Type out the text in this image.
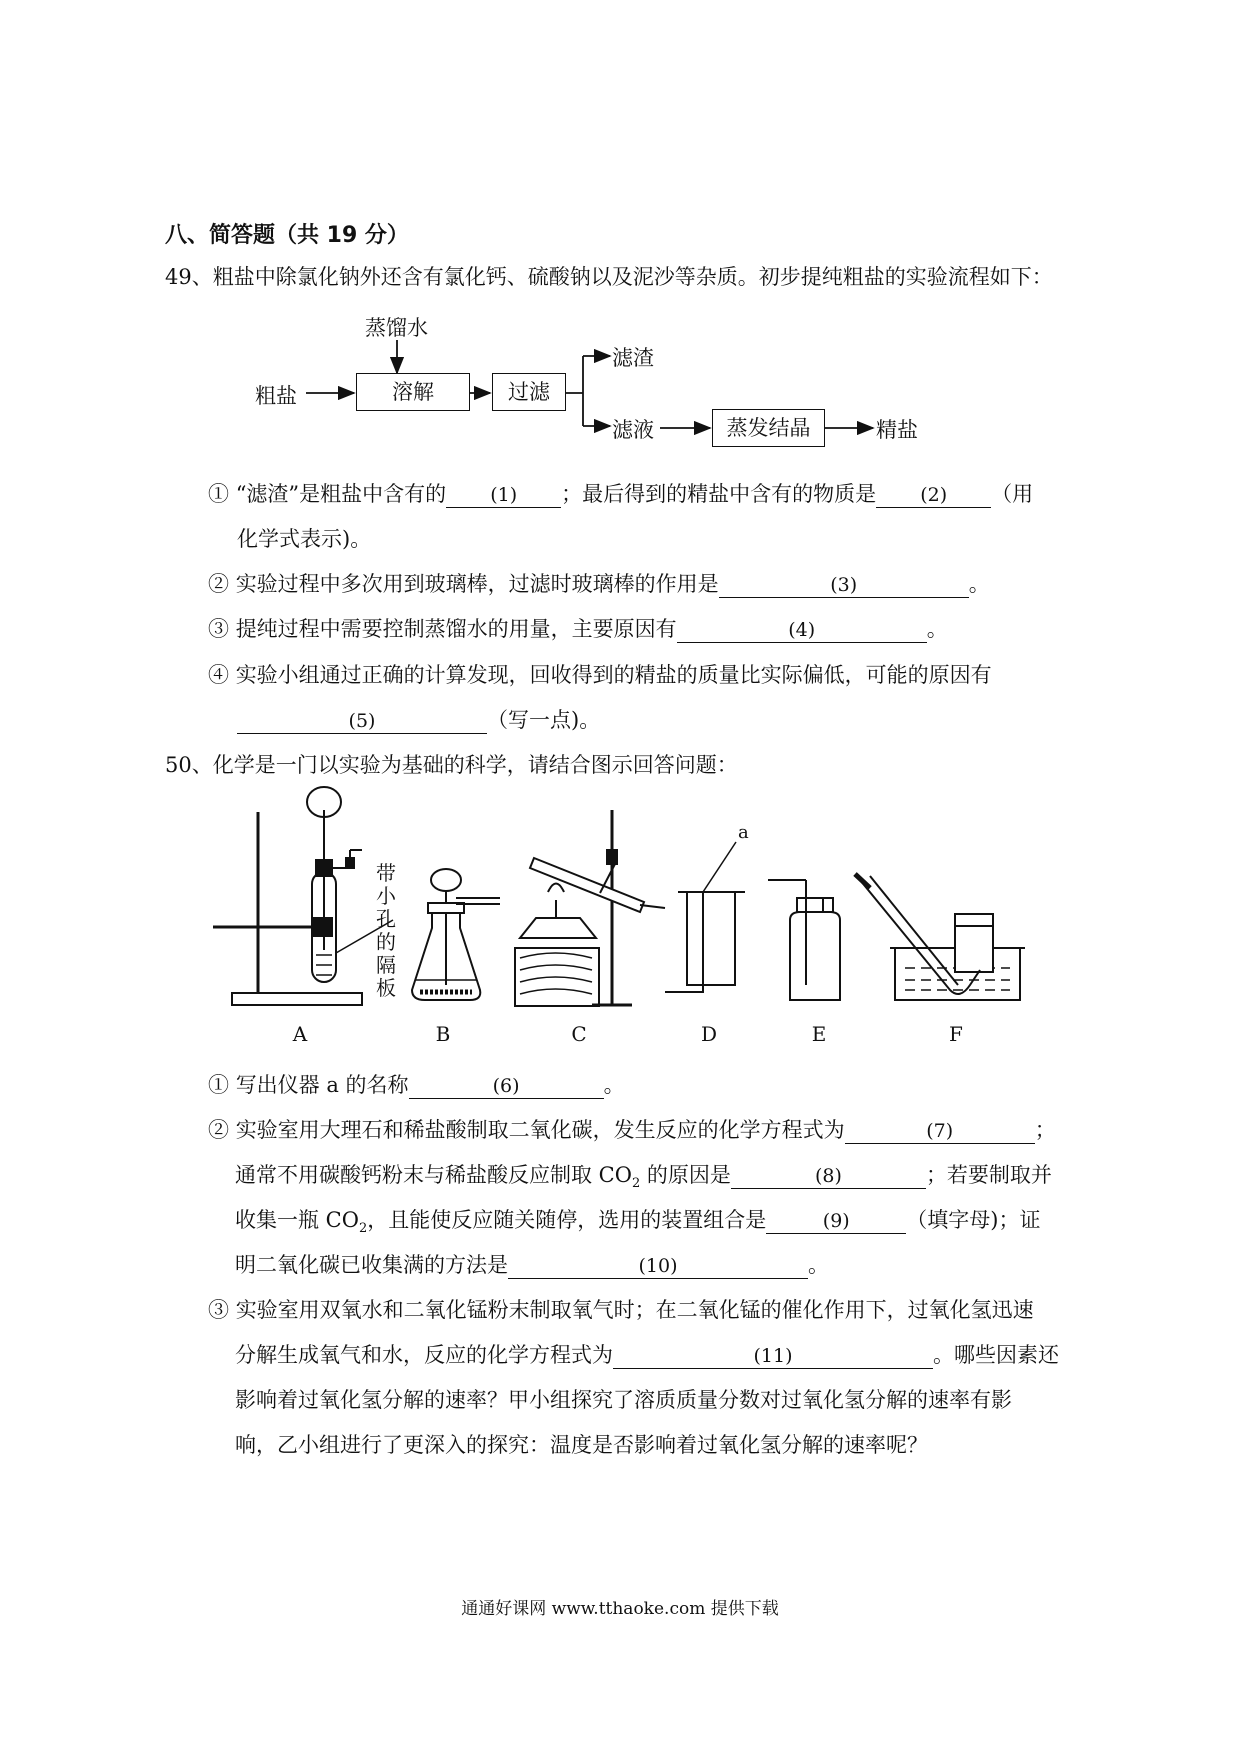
八、简答题（共 19 分）
49、粗盐中除氯化钠外还含有氯化钙、硫酸钠以及泥沙等杂质。初步提纯粗盐的实验流程如下：
粗盐
蒸馏水
溶解	过滤
滤渣
滤液	蒸发结晶	精盐
① “滤渣”是粗盐中含有的 (1) ；最后得到的精盐中含有的物质是 (2) （用
化学式表示)。
② 实验过程中多次用到玻璃棒，过滤时玻璃棒的作用是	(3)	。
③ 提纯过程中需要控制蒸馏水的用量，主要原因有	(4)	。
④ 实验小组通过正确的计算发现，回收得到的精盐的质量比实际偏低，可能的原因有
(5)	（写一点)。
50、化学是一门以实验为基础的科学，请结合图示回答问题：
带小孔的隔板
a
A	B	C	D	E	F
① 写出仪器 a 的名称	(6)	。
② 实验室用大理石和稀盐酸制取二氧化碳，发生反应的化学方程式为	(7)	；
通常不用碳酸钙粉末与稀盐酸反应制取 $CO_2$ 的原因是	(8)	；若要制取并
收集一瓶 $CO_2$，且能使反应随关随停，选用的装置组合是	(9)	（填字母)；证
明二氧化碳已收集满的方法是	(10)	。
③ 实验室用双氧水和二氧化锰粉末制取氧气时；在二氧化锰的催化作用下，过氧化氢迅速
分解生成氧气和水，反应的化学方程式为	(11)	。哪些因素还
影响着过氧化氢分解的速率？甲小组探究了溶质质量分数对过氧化氢分解的速率有影
响，乙小组进行了更深入的探究：温度是否影响着过氧化氢分解的速率呢？
通通好课网 www.tthaoke.com 提供下载
